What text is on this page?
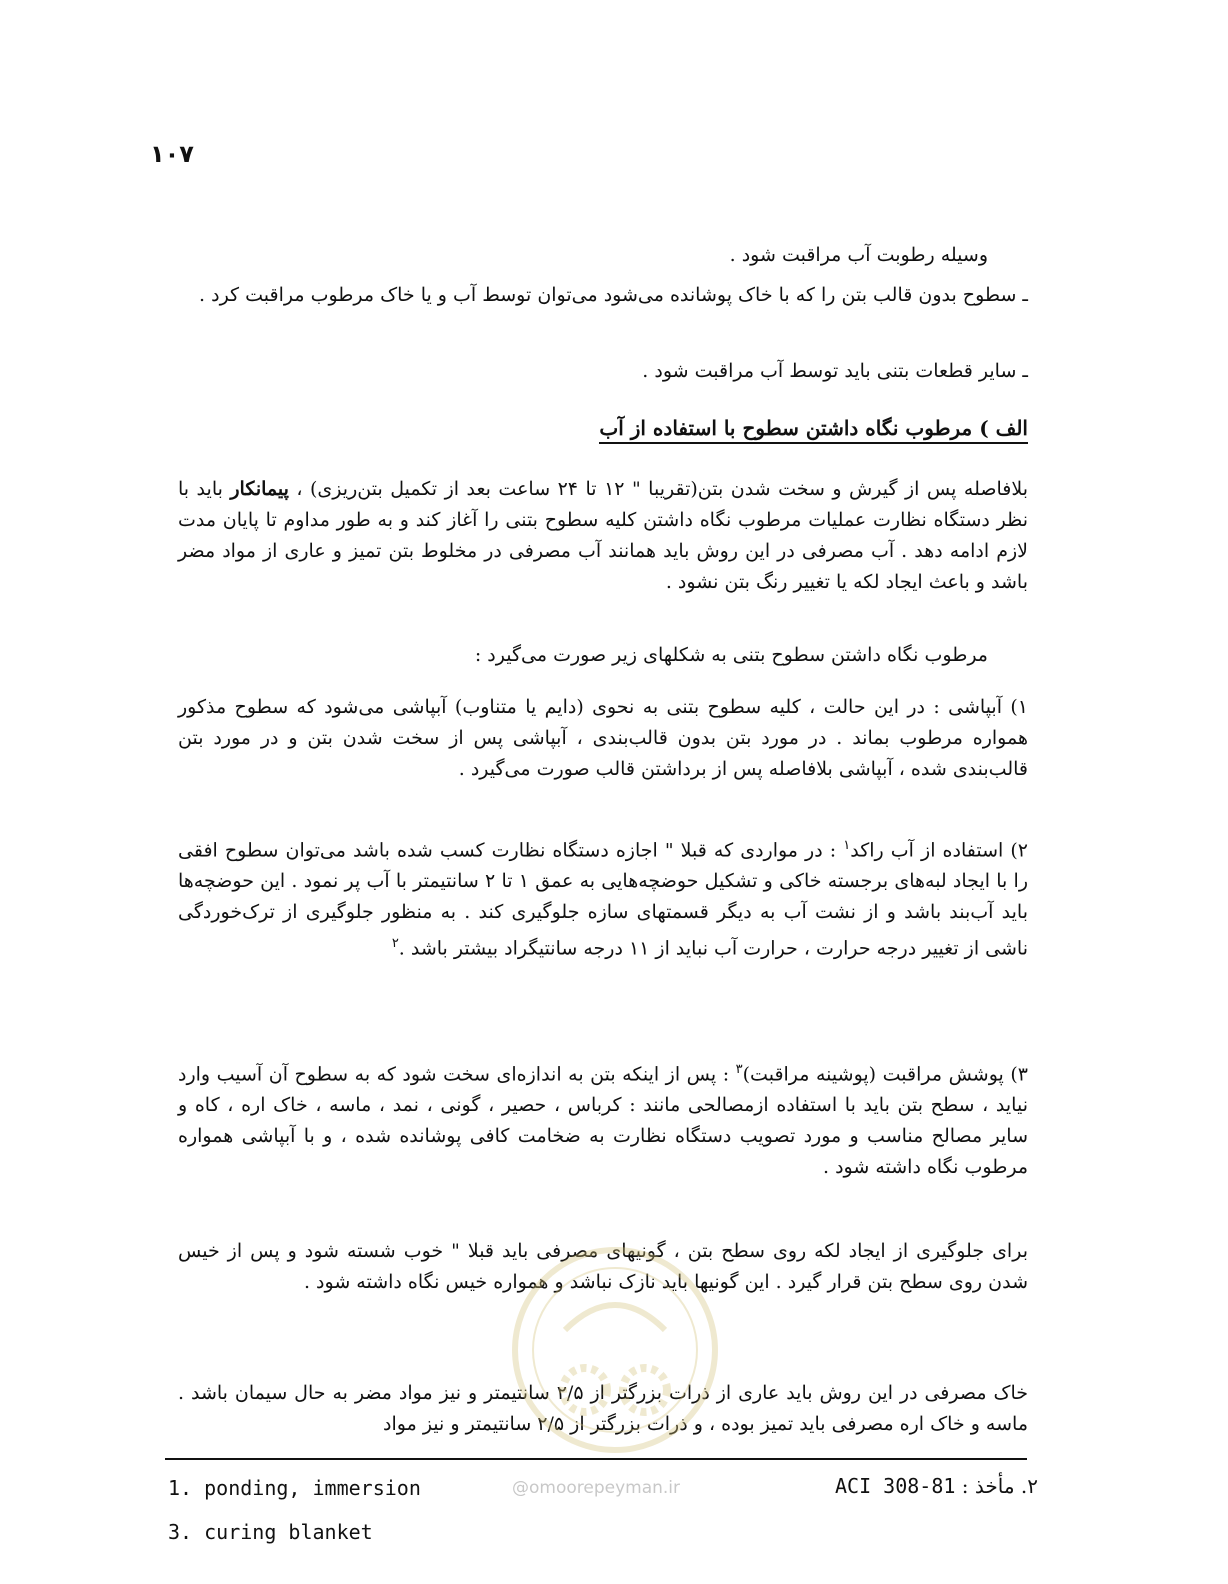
۱۰۷
وسیله رطوبت آب مراقبت شود .
ـ سطوح بدون قالب بتن را که با خاک پوشانده می‌شود می‌توان توسط آب و یا خاک مرطوب مراقبت کرد .
ـ سایر قطعات بتنی باید توسط آب مراقبت شود .
الف ) مرطوب نگاه داشتن سطوح با استفاده از آب
بلافاصله پس از گیرش و سخت شدن بتن(تقریبا " ۱۲ تا ۲۴ ساعت بعد از تکمیل بتن‌ریزی) ، پیمانکار باید با نظر دستگاه نظارت عملیات مرطوب نگاه داشتن کلیه سطوح بتنی را آغاز کند و به طور مداوم تا پایان مدت لازم ادامه دهد . آب مصرفی در این روش باید همانند آب مصرفی در مخلوط بتن تمیز و عاری از مواد مضر باشد و باعث ایجاد لکه یا تغییر رنگ بتن نشود .
مرطوب نگاه داشتن سطوح بتنی به شکلهای زیر صورت می‌گیرد :
۱) آبپاشی : در این حالت ، کلیه سطوح بتنی به نحوی (دایم یا متناوب) آبپاشی می‌شود که سطوح مذکور همواره مرطوب بماند . در مورد بتن بدون قالب‌بندی ، آبپاشی پس از سخت شدن بتن و در مورد بتن قالب‌بندی شده ، آبپاشی بلافاصله پس از برداشتن قالب صورت می‌گیرد .
۲) استفاده از آب راکد$^۱$ : در مواردی که قبلا " اجازه دستگاه نظارت کسب شده باشد می‌توان سطوح افقی را با ایجاد لبه‌های برجسته خاکی و تشکیل حوضچه‌هایی به عمق ۱ تا ۲ سانتیمتر با آب پر نمود . این حوضچه‌ها باید آب‌بند باشد و از نشت آب به دیگر قسمتهای سازه جلوگیری کند . به منظور جلوگیری از ترک‌خوردگی ناشی از تغییر درجه حرارت ، حرارت آب نباید از ۱۱ درجه سانتیگراد بیشتر باشد .$^۲$
۳) پوشش مراقبت (پوشینه مراقبت)$^۳$ : پس از اینکه بتن به اندازه‌ای سخت شود که به سطوح آن آسیب وارد نیاید ، سطح بتن باید با استفاده ازمصالحی مانند : کرباس ، حصیر ، گونی ، نمد ، ماسه ، خاک اره ، کاه و سایر مصالح مناسب و مورد تصویب دستگاه نظارت به ضخامت کافی پوشانده شده ، و با آبپاشی همواره مرطوب نگاه داشته شود .
برای جلوگیری از ایجاد لکه روی سطح بتن ، گونیهای مصرفی باید قبلا " خوب شسته شود و پس از خیس شدن روی سطح بتن قرار گیرد . این گونیها باید نازک نباشد و همواره خیس نگاه داشته شود .
خاک مصرفی در این روش باید عاری از ذرات بزرگتر از ۲/۵ سانتیمتر و نیز مواد مضر به حال سیمان باشد . ماسه و خاک اره مصرفی باید تمیز بوده ، و ذرات بزرگتر از ۲/۵ سانتیمتر و نیز مواد
1. ponding, immersion	@omoorepeyman.ir	۲. مأخذ : ACI 308-81
3. curing blanket
